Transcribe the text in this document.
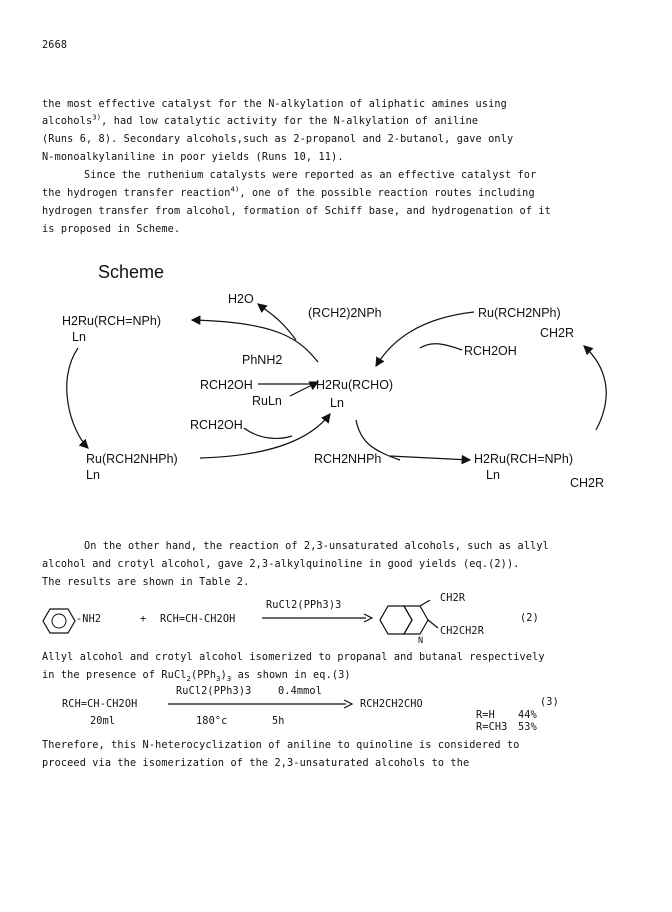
2668
the most effective catalyst for the N-alkylation of aliphatic amines using
alcohols$^{3)}$, had low catalytic activity for the N-alkylation of aniline
(Runs 6, 8). Secondary alcohols,such as 2-propanol and 2-butanol, gave only
N-monoalkylaniline in poor yields (Runs 10, 11).
Since the ruthenium catalysts were reported as an effective catalyst for
the hydrogen transfer reaction$^{4)}$, one of the possible reaction routes including
hydrogen transfer from alcohol, formation of Schiff base, and hydrogenation of it
is proposed in Scheme.
Scheme
H2O
H2Ru(RCH=NPh)
Ln
PhNH2
RCH2OH
RuLn
H2Ru(RCHO)
Ln
RCH2OH
Ru(RCH2NHPh)
Ln
RCH2NHPh
(RCH2)2NPh	Ru(RCH2NPh)
CH2R
RCH2OH
H2Ru(RCH=NPh)
Ln
CH2R
On the other hand, the reaction of 2,3-unsaturated alcohols, such as allyl
alcohol and crotyl alcohol, gave 2,3-alkylquinoline in good yields (eq.(2)).
The results are shown in Table 2.
-NH2	+ RCH=CH-CH2OH
RuCl2(PPh3)3
N
CH2R
CH2CH2R
(2)
Allyl alcohol and crotyl alcohol isomerized to propanal and butanal respectively
in the presence of $RuCl_2(PPh_3)_3$ as shown in eq.(3)
RuCl2(PPh3)3	0.4mmol
RCH=CH-CH2OH	RCH2CH2CHO	(3)
20ml	180°c	5h
R=H 44%
R=CH3 53%
Therefore, this N-heterocyclization of aniline to quinoline is considered to
proceed via the isomerization of the 2,3-unsaturated alcohols to the
